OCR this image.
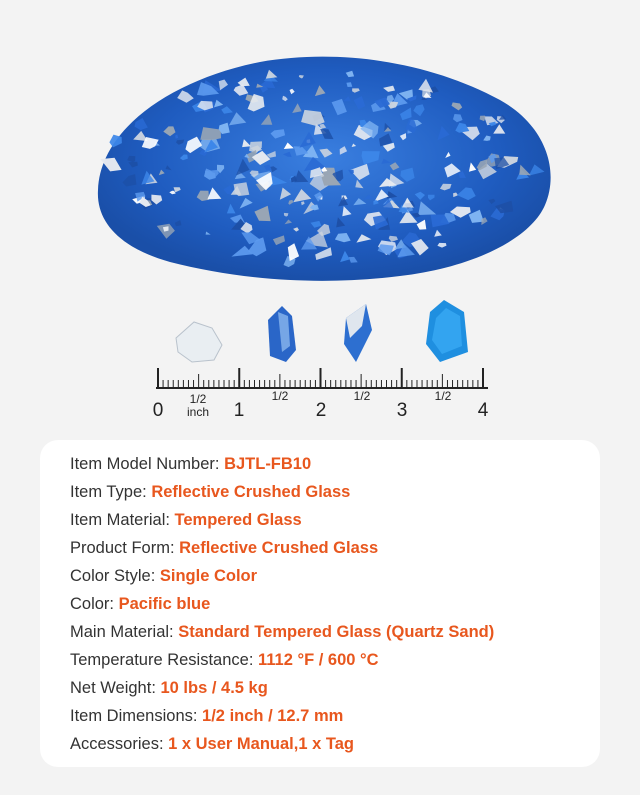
0	1	2	3	4
1/2
inch
1/2	1/2	1/2
Item Model Number: BJTL-FB10
Item Type: Reflective Crushed Glass
Item Material: Tempered Glass
Product Form: Reflective Crushed Glass
Color Style: Single Color
Color: Pacific blue
Main Material: Standard Tempered Glass (Quartz Sand)
Temperature Resistance: 1112 °F / 600 °C
Net Weight: 10 lbs / 4.5 kg
Item Dimensions: 1/2 inch / 12.7 mm
Accessories: 1 x User Manual,1 x Tag
